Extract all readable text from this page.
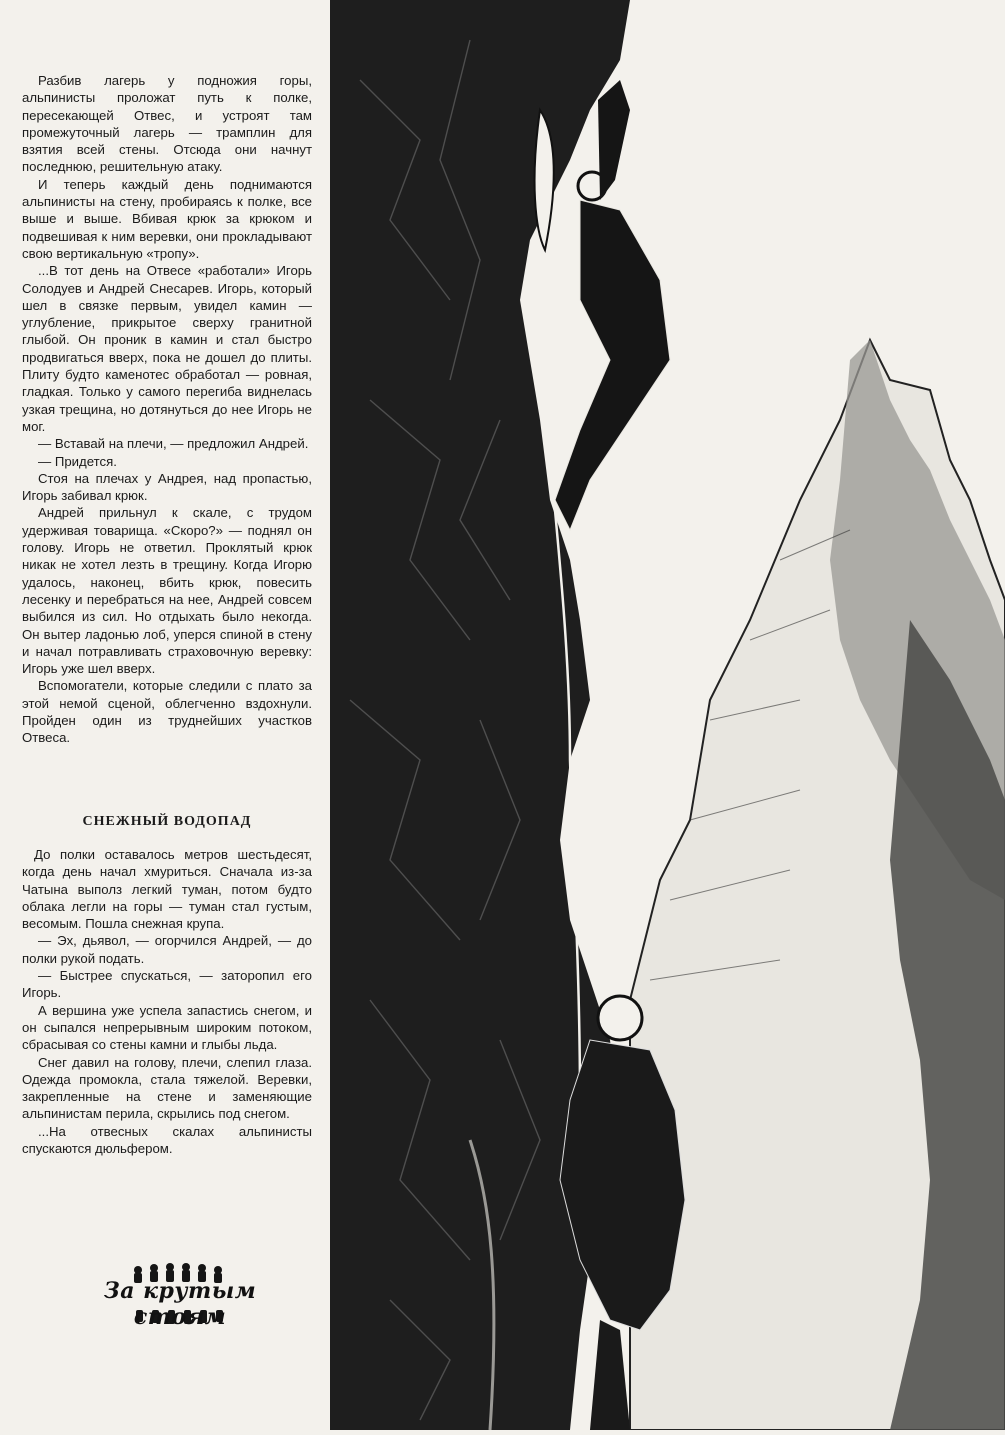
Разбив лагерь у подножия горы, альпинисты проложат путь к полке, пересекающей Отвес, и устроят там промежуточный лагерь — трамплин для взятия всей стены. Отсюда они начнут последнюю, решительную атаку.

И теперь каждый день поднимаются альпинисты на стену, пробираясь к полке, все выше и выше. Вбивая крюк за крюком и подвешивая к ним веревки, они прокладывают свою вертикальную «тропу».

...В тот день на Отвесе «работали» Игорь Солодуев и Андрей Снесарев. Игорь, который шел в связке первым, увидел камин — углубление, прикрытое сверху гранитной глыбой. Он проник в камин и стал быстро продвигаться вверх, пока не дошел до плиты. Плиту будто каменотес обработал — ровная, гладкая. Только у самого перегиба виднелась узкая трещина, но дотянуться до нее Игорь не мог.

— Вставай на плечи, — предложил Андрей.

— Придется.

Стоя на плечах у Андрея, над пропастью, Игорь забивал крюк.

Андрей прильнул к скале, с трудом удерживая товарища. «Скоро?» — поднял он голову. Игорь не ответил. Проклятый крюк никак не хотел лезть в трещину. Когда Игорю удалось, наконец, вбить крюк, повесить лесенку и перебраться на нее, Андрей совсем выбился из сил. Но отдыхать было некогда. Он вытер ладонью лоб, уперся спиной в стену и начал потравливать страховочную веревку: Игорь уже шел вверх.

Вспомогатели, которые следили с плато за этой немой сценой, облегченно вздохнули. Пройден один из труднейших участков Отвеса.

СНЕЖНЫЙ ВОДОПАД

До полки оставалось метров шестьдесят, когда день начал хмуриться. Сначала из-за Чатына выполз легкий туман, потом будто облака легли на горы — туман стал густым, весомым. Пошла снежная крупа.

— Эх, дьявол, — огорчился Андрей, — до полки рукой подать.

— Быстрее спускаться, — заторопил его Игорь.

А вершина уже успела запастись снегом, и он сыпался непрерывным широким потоком, сбрасывая со стены камни и глыбы льда.

Снег давил на голову, плечи, слепил глаза. Одежда промокла, стала тяжелой. Веревки, закрепленные на стене и заменяющие альпинистам перила, скрылись под снегом.

...На отвесных скалах альпинисты спускаются дюльфером.

За крутым стоям
